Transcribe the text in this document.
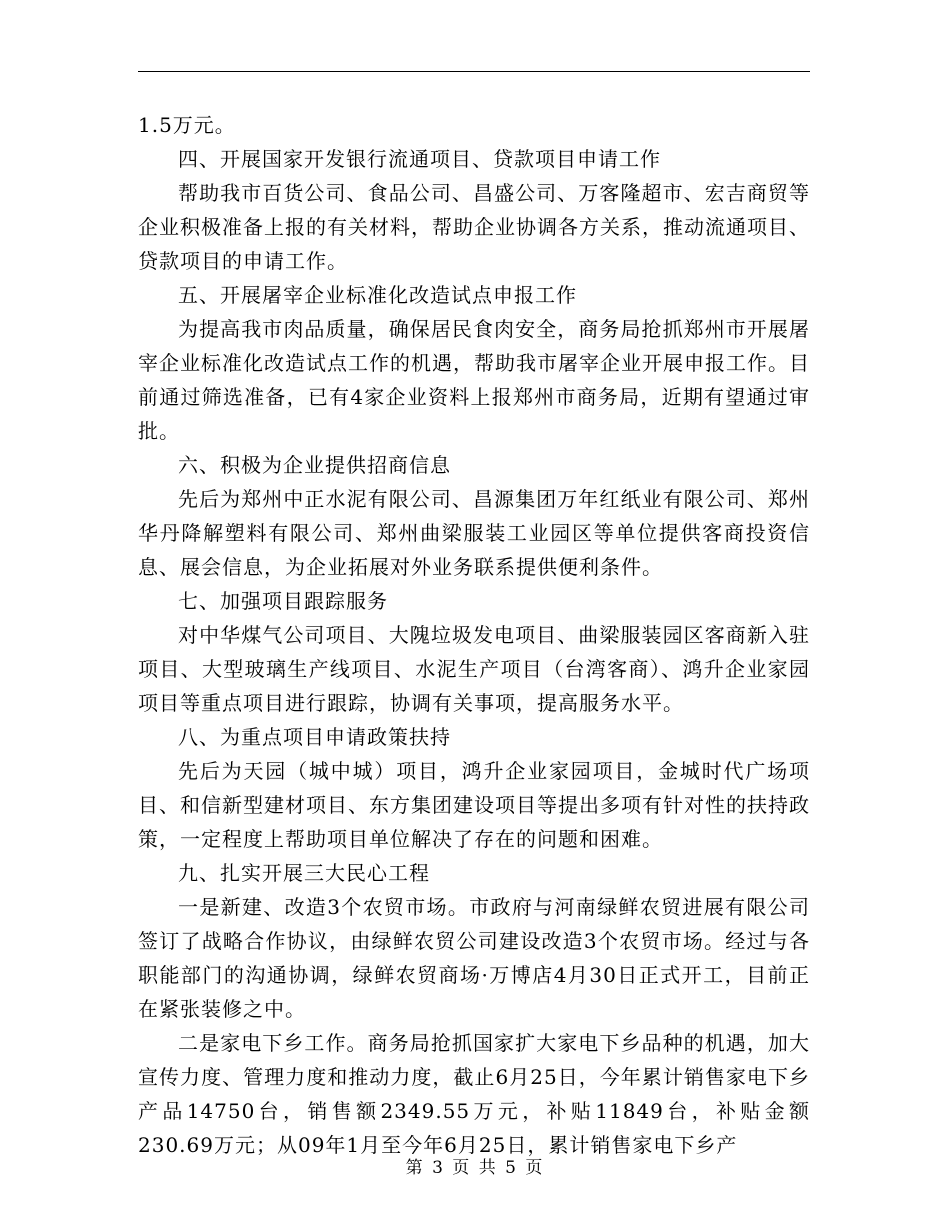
1.5万元。

四、开展国家开发银行流通项目、贷款项目申请工作

帮助我市百货公司、食品公司、昌盛公司、万客隆超市、宏吉商贸等企业积极准备上报的有关材料，帮助企业协调各方关系，推动流通项目、贷款项目的申请工作。

五、开展屠宰企业标准化改造试点申报工作

为提高我市肉品质量，确保居民食肉安全，商务局抢抓郑州市开展屠宰企业标准化改造试点工作的机遇，帮助我市屠宰企业开展申报工作。目前通过筛选准备，已有4家企业资料上报郑州市商务局，近期有望通过审批。

六、积极为企业提供招商信息

先后为郑州中正水泥有限公司、昌源集团万年红纸业有限公司、郑州华丹降解塑料有限公司、郑州曲梁服装工业园区等单位提供客商投资信息、展会信息，为企业拓展对外业务联系提供便利条件。

七、加强项目跟踪服务

对中华煤气公司项目、大隗垃圾发电项目、曲梁服装园区客商新入驻项目、大型玻璃生产线项目、水泥生产项目（台湾客商）、鸿升企业家园项目等重点项目进行跟踪，协调有关事项，提高服务水平。

八、为重点项目申请政策扶持

先后为天园（城中城）项目，鸿升企业家园项目，金城时代广场项目、和信新型建材项目、东方集团建设项目等提出多项有针对性的扶持政策，一定程度上帮助项目单位解决了存在的问题和困难。

九、扎实开展三大民心工程

一是新建、改造3个农贸市场。市政府与河南绿鲜农贸进展有限公司签订了战略合作协议，由绿鲜农贸公司建设改造3个农贸市场。经过与各职能部门的沟通协调，绿鲜农贸商场·万博店4月30日正式开工，目前正在紧张装修之中。

二是家电下乡工作。商务局抢抓国家扩大家电下乡品种的机遇，加大宣传力度、管理力度和推动力度，截止6月25日，今年累计销售家电下乡产品14750台，销售额2349.55万元，补贴11849台，补贴金额230.69万元；从09年1月至今年6月25日，累计销售家电下乡产

第 3 页 共 5 页
